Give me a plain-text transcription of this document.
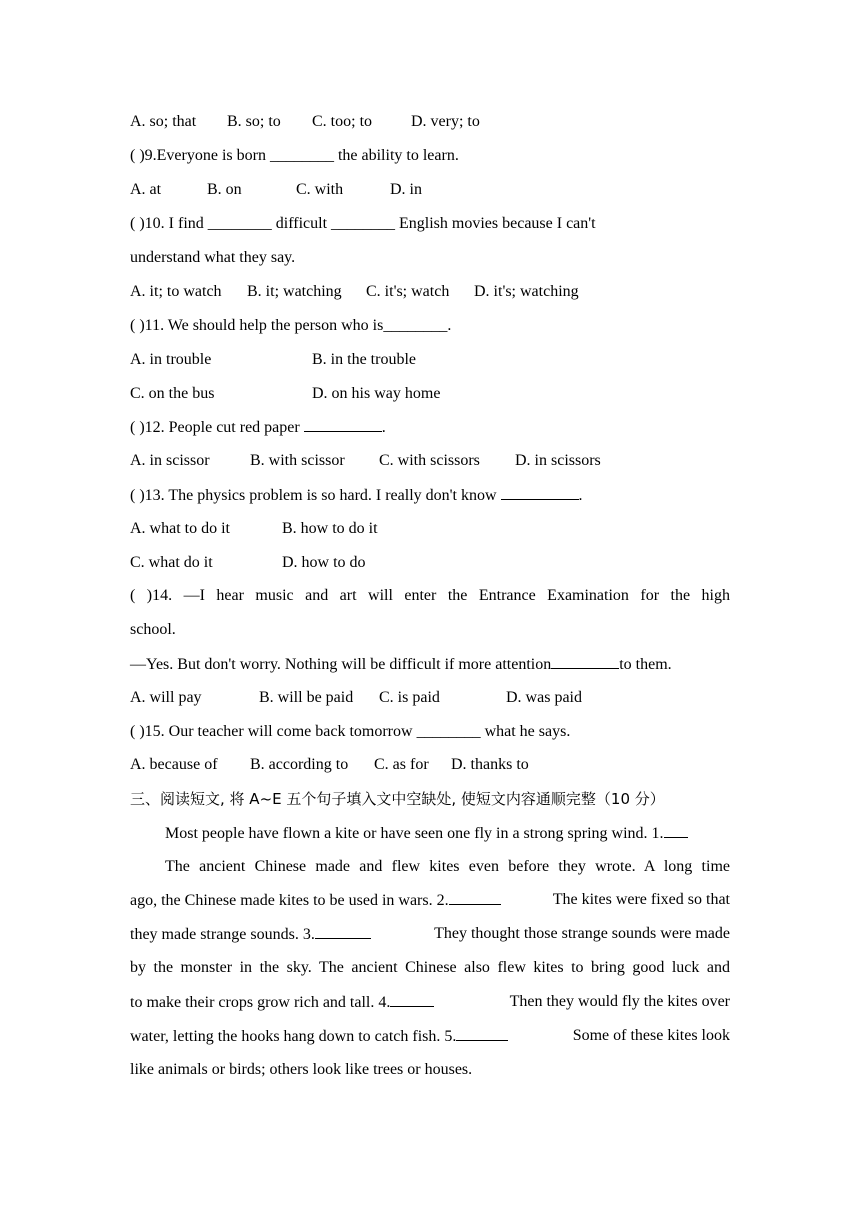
A. so; that B. so; to C. too; to D. very; to
( )9.Everyone is born ________ the ability to learn.
A. at	B. on	C. with	D. in
( )10. I find ________ difficult ________ English movies because I can't
understand what they say.
A. it; to watch B. it; watching C. it's; watch D. it's; watching
( )11. We should help the person who is________.
A. in trouble	B. in the trouble
C. on the bus	D. on his way home
( )12. People cut red paper	.
A. in scissor	B. with scissor C. with scissors D. in scissors
( )13. The physics problem is so hard. I really don't know	.
A. what to do it	B. how to do it
C. what do it	D. how to do
( )14. —I hear music and art will enter the Entrance Examination for the high
school.
—Yes. But don't worry. Nothing will be difficult if more attention	to them.
A. will pay	B. will be paid C. is paid	D. was paid
( )15. Our teacher will come back tomorrow ________ what he says.
A. because of B. according to C. as for D. thanks to
三、阅读短文, 将 A~E 五个句子填入文中空缺处, 使短文内容通顺完整（10 分）
Most people have flown a kite or have seen one fly in a strong spring wind. 1.
The ancient Chinese made and flew kites even before they wrote. A long time
ago, the Chinese made kites to be used in wars. 2.	The kites were fixed so that
they made strange sounds. 3.	They thought those strange sounds were made
by the monster in the sky. The ancient Chinese also flew kites to bring good luck and
to make their crops grow rich and tall. 4.	Then they would fly the kites over
water, letting the hooks hang down to catch fish. 5.	Some of these kites look
like animals or birds; others look like trees or houses.
